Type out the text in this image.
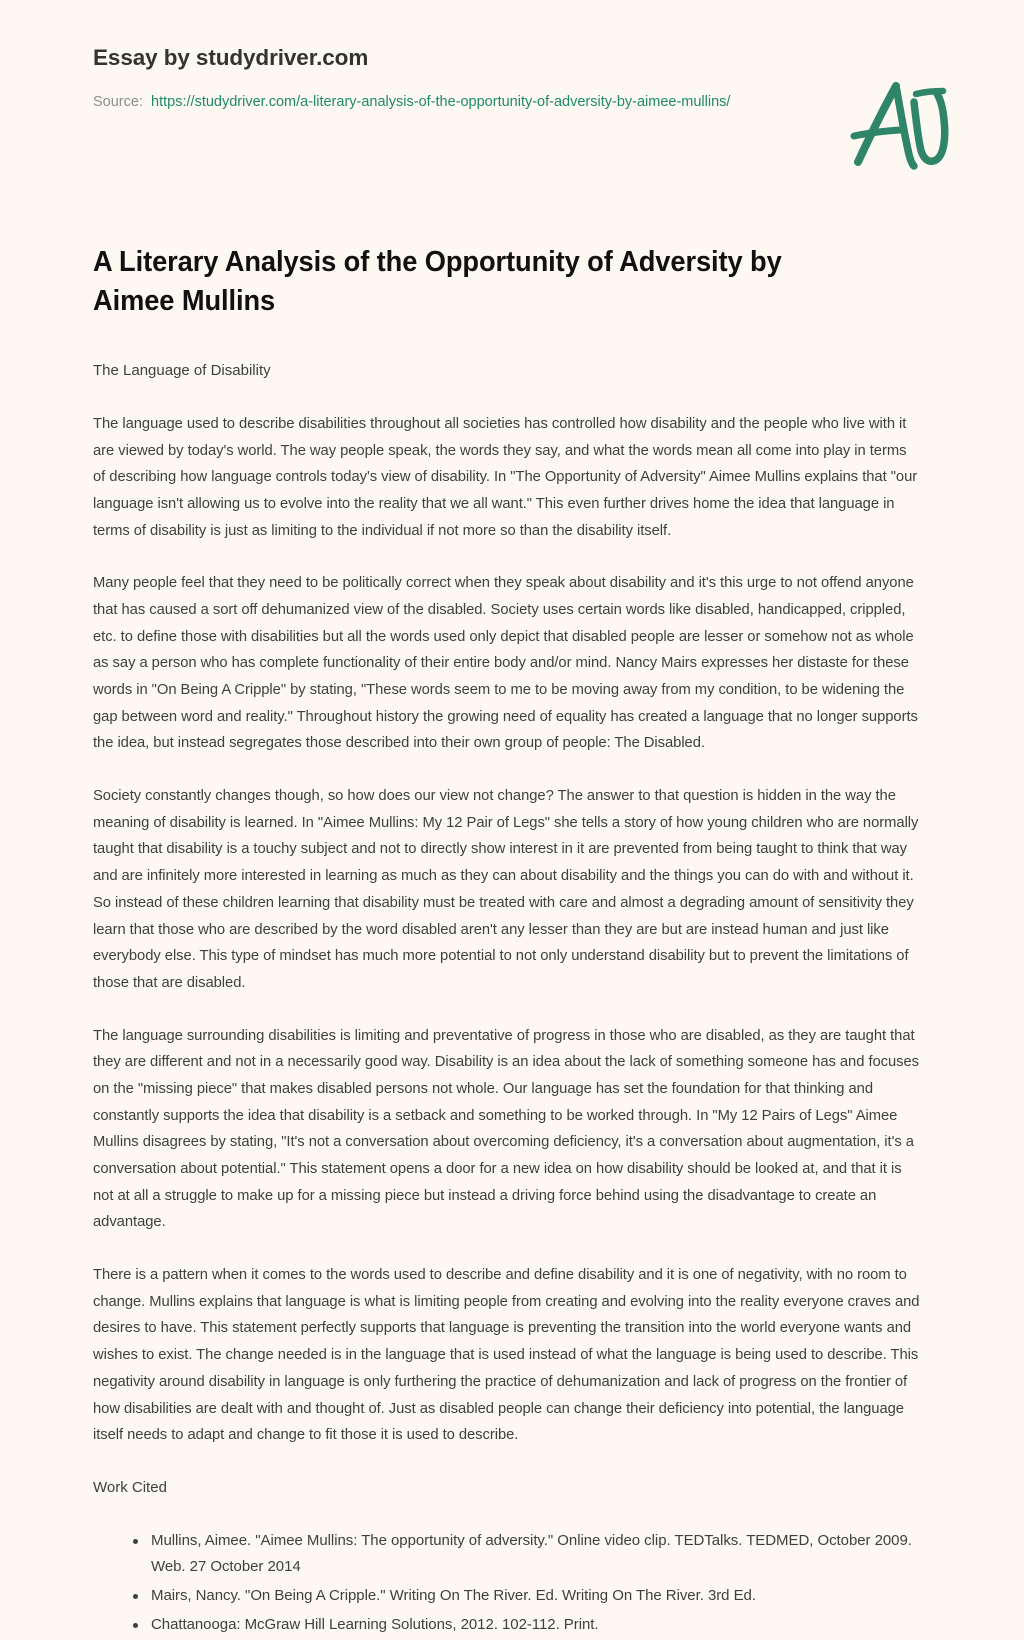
Essay by studydriver.com
Source: https://studydriver.com/a-literary-analysis-of-the-opportunity-of-adversity-by-aimee-mullins/
A Literary Analysis of the Opportunity of Adversity by Aimee Mullins

The Language of Disability

The language used to describe disabilities throughout all societies has controlled how disability and the people who live with it are viewed by today's world. The way people speak, the words they say, and what the words mean all come into play in terms of describing how language controls today's view of disability. In "The Opportunity of Adversity" Aimee Mullins explains that "our language isn't allowing us to evolve into the reality that we all want." This even further drives home the idea that language in terms of disability is just as limiting to the individual if not more so than the disability itself.

Many people feel that they need to be politically correct when they speak about disability and it's this urge to not offend anyone that has caused a sort off dehumanized view of the disabled. Society uses certain words like disabled, handicapped, crippled, etc. to define those with disabilities but all the words used only depict that disabled people are lesser or somehow not as whole as say a person who has complete functionality of their entire body and/or mind. Nancy Mairs expresses her distaste for these words in "On Being A Cripple" by stating, "These words seem to me to be moving away from my condition, to be widening the gap between word and reality." Throughout history the growing need of equality has created a language that no longer supports the idea, but instead segregates those described into their own group of people: The Disabled.

Society constantly changes though, so how does our view not change? The answer to that question is hidden in the way the meaning of disability is learned. In "Aimee Mullins: My 12 Pair of Legs" she tells a story of how young children who are normally taught that disability is a touchy subject and not to directly show interest in it are prevented from being taught to think that way and are infinitely more interested in learning as much as they can about disability and the things you can do with and without it. So instead of these children learning that disability must be treated with care and almost a degrading amount of sensitivity they learn that those who are described by the word disabled aren't any lesser than they are but are instead human and just like everybody else. This type of mindset has much more potential to not only understand disability but to prevent the limitations of those that are disabled.

The language surrounding disabilities is limiting and preventative of progress in those who are disabled, as they are taught that they are different and not in a necessarily good way. Disability is an idea about the lack of something someone has and focuses on the "missing piece" that makes disabled persons not whole. Our language has set the foundation for that thinking and constantly supports the idea that disability is a setback and something to be worked through. In "My 12 Pairs of Legs" Aimee Mullins disagrees by stating, "It's not a conversation about overcoming deficiency, it's a conversation about augmentation, it's a conversation about potential." This statement opens a door for a new idea on how disability should be looked at, and that it is not at all a struggle to make up for a missing piece but instead a driving force behind using the disadvantage to create an advantage.

There is a pattern when it comes to the words used to describe and define disability and it is one of negativity, with no room to change. Mullins explains that language is what is limiting people from creating and evolving into the reality everyone craves and desires to have. This statement perfectly supports that language is preventing the transition into the world everyone wants and wishes to exist. The change needed is in the language that is used instead of what the language is being used to describe. This negativity around disability in language is only furthering the practice of dehumanization and lack of progress on the frontier of how disabilities are dealt with and thought of. Just as disabled people can change their deficiency into potential, the language itself needs to adapt and change to fit those it is used to describe.

Work Cited

Mullins, Aimee. "Aimee Mullins: The opportunity of adversity." Online video clip. TEDTalks. TEDMED, October 2009. Web. 27 October 2014
Mairs, Nancy. "On Being A Cripple." Writing On The River. Ed. Writing On The River. 3rd Ed.
Chattanooga: McGraw Hill Learning Solutions, 2012. 102-112. Print.
